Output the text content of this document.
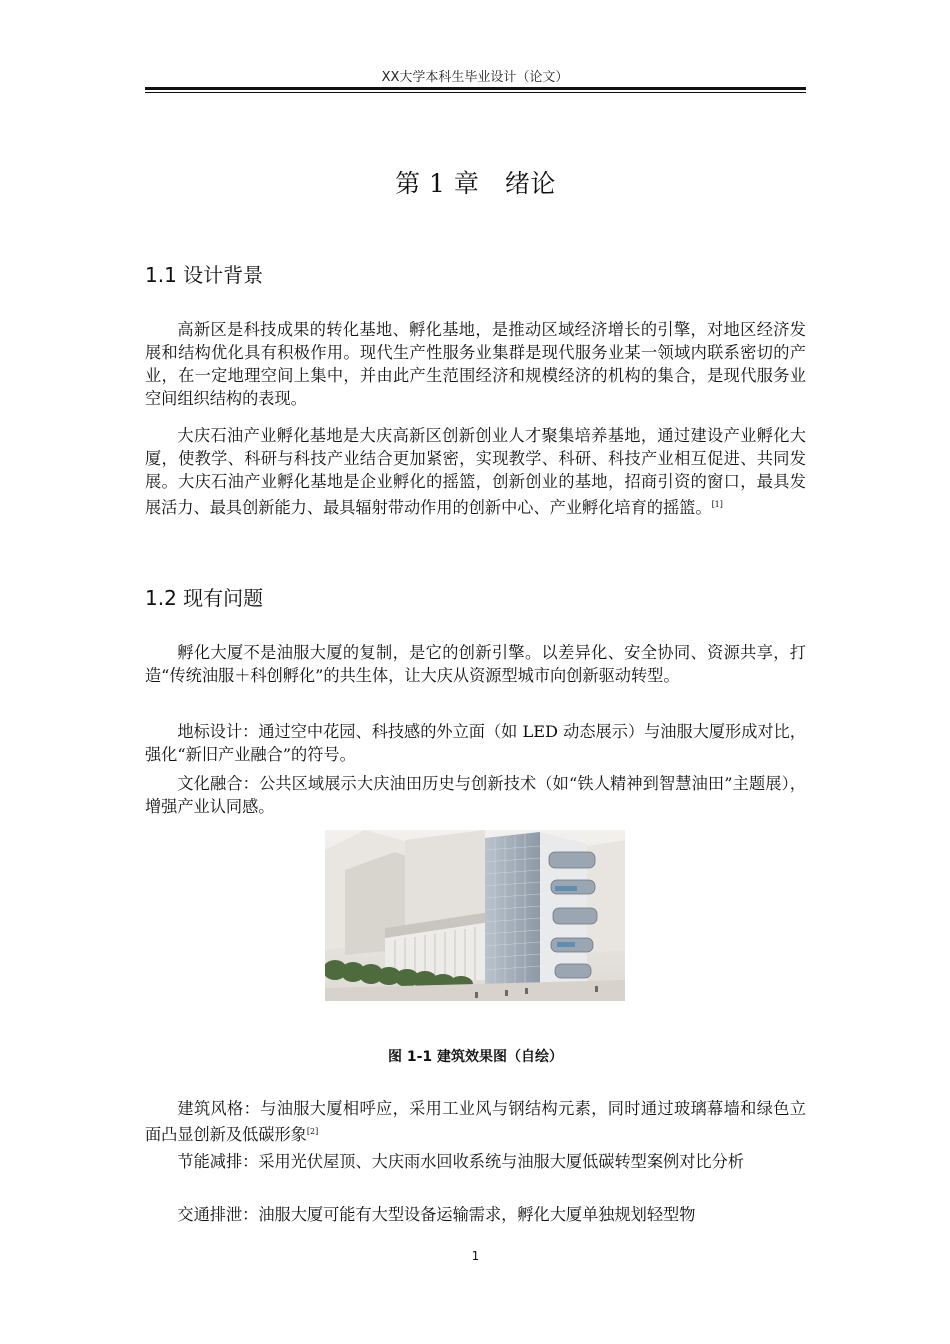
XX大学本科生毕业设计（论文）
第 1 章　绪论
1.1 设计背景

高新区是科技成果的转化基地、孵化基地，是推动区域经济增长的引擎，对地区经济发展和结构优化具有积极作用。现代生产性服务业集群是现代服务业某一领域内联系密切的产业，在一定地理空间上集中，并由此产生范围经济和规模经济的机构的集合，是现代服务业空间组织结构的表现。

大庆石油产业孵化基地是大庆高新区创新创业人才聚集培养基地，通过建设产业孵化大厦，使教学、科研与科技产业结合更加紧密，实现教学、科研、科技产业相互促进、共同发展。大庆石油产业孵化基地是企业孵化的摇篮，创新创业的基地，招商引资的窗口，最具发展活力、最具创新能力、最具辐射带动作用的创新中心、产业孵化培育的摇篮。[1]

1.2 现有问题

孵化大厦不是油服大厦的复制，是它的创新引擎。以差异化、安全协同、资源共享，打造“传统油服＋科创孵化”的共生体，让大庆从资源型城市向创新驱动转型。

地标设计：通过空中花园、科技感的外立面（如 LED 动态展示）与油服大厦形成对比，强化“新旧产业融合”的符号。

文化融合：公共区域展示大庆油田历史与创新技术（如“铁人精神到智慧油田”主题展），增强产业认同感。

图 1-1 建筑效果图（自绘）

建筑风格：与油服大厦相呼应，采用工业风与钢结构元素，同时通过玻璃幕墙和绿色立面凸显创新及低碳形象[2]

节能减排：采用光伏屋顶、大庆雨水回收系统与油服大厦低碳转型案例对比分析

交通排泄：油服大厦可能有大型设备运输需求，孵化大厦单独规划轻型物

1
